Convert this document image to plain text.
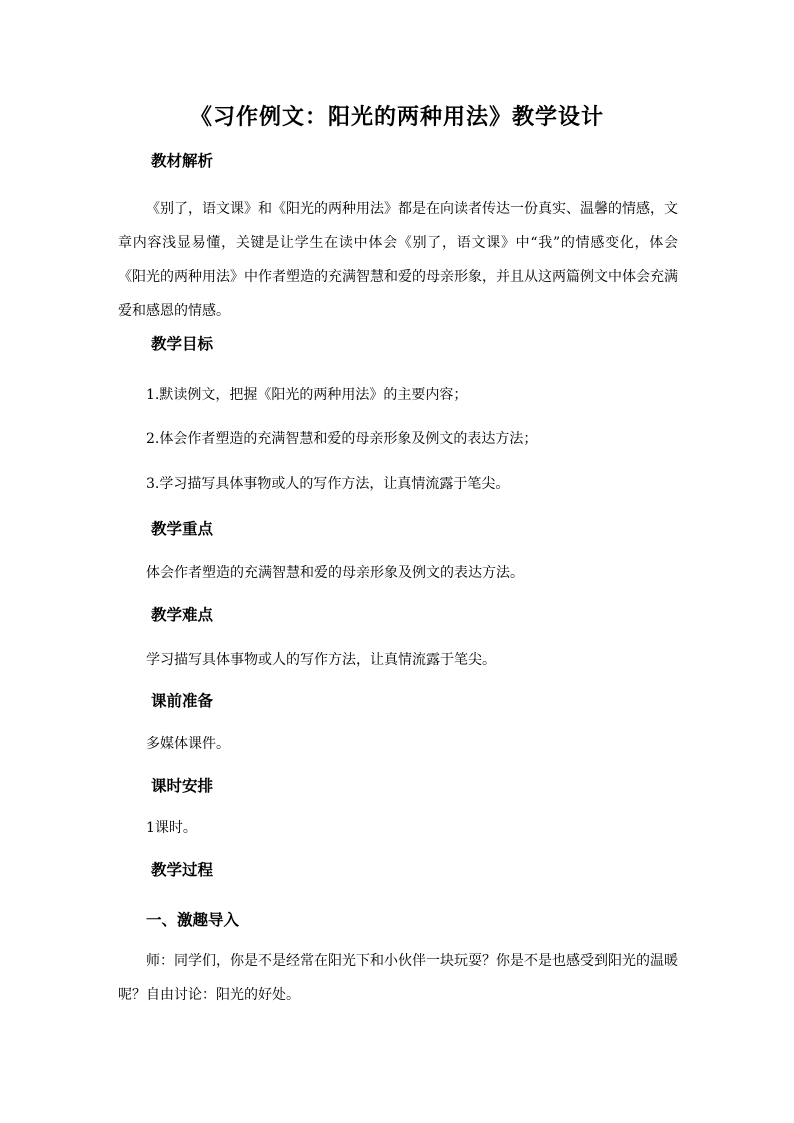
《习作例文：阳光的两种用法》教学设计
教材解析
《别了，语文课》和《阳光的两种用法》都是在向读者传达一份真实、温馨的情感，文章内容浅显易懂，关键是让学生在读中体会《别了，语文课》中“我”的情感变化，体会《阳光的两种用法》中作者塑造的充满智慧和爱的母亲形象，并且从这两篇例文中体会充满爱和感恩的情感。
教学目标
1.默读例文，把握《阳光的两种用法》的主要内容；
2.体会作者塑造的充满智慧和爱的母亲形象及例文的表达方法；
3.学习描写具体事物或人的写作方法，让真情流露于笔尖。
教学重点
体会作者塑造的充满智慧和爱的母亲形象及例文的表达方法。
教学难点
学习描写具体事物或人的写作方法，让真情流露于笔尖。
课前准备
多媒体课件。
课时安排
1课时。
教学过程
一、激趣导入
师：同学们，你是不是经常在阳光下和小伙伴一块玩耍？你是不是也感受到阳光的温暖呢？自由讨论：阳光的好处。
